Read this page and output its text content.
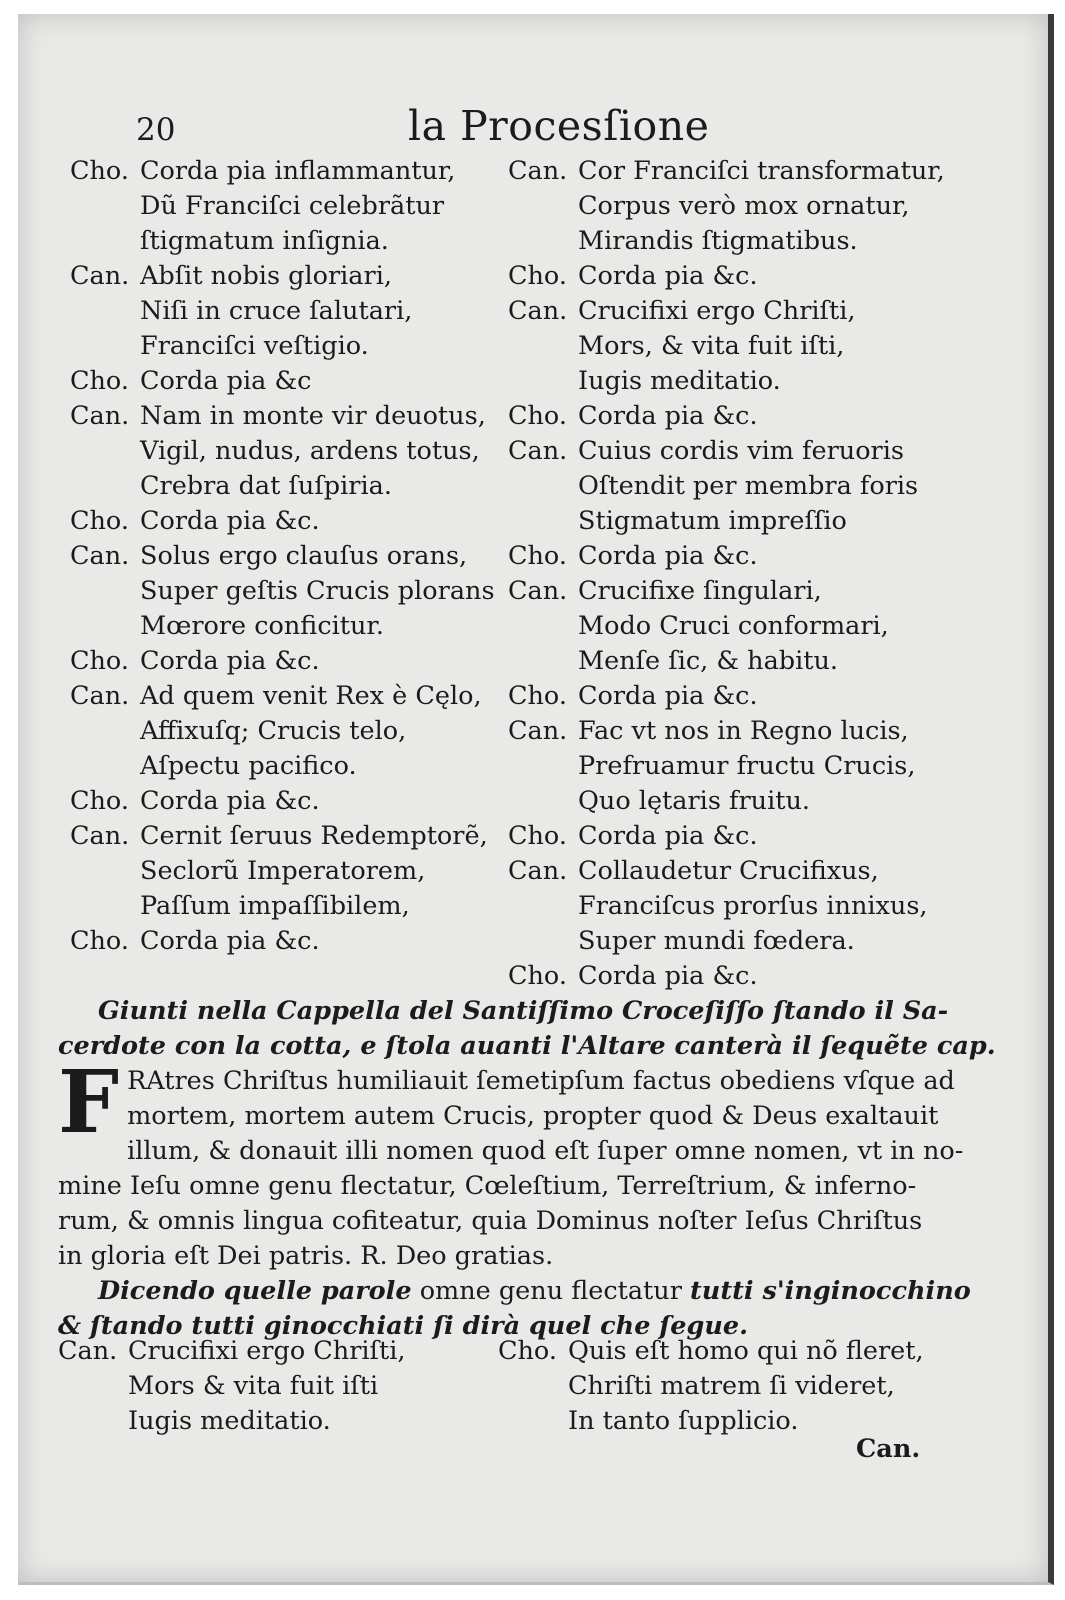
20	la Procesſione
Cho. Corda pia inflammantur,
Dũ Franciſci celebrãtur
ſtigmatum inſignia.
Can. Abſit nobis gloriari,
Niſi in cruce ſalutari,
Franciſci veſtigio.
Cho. Corda pia &c
Can. Nam in monte vir deuotus,
Vigil, nudus, ardens totus,
Crebra dat ſuſpiria.
Cho. Corda pia &c.
Can. Solus ergo clauſus orans,
Super geſtis Crucis plorans
Mœrore conficitur.
Cho. Corda pia &c.
Can. Ad quem venit Rex è Cęlo,
Affixuſq; Crucis telo,
Aſpectu pacifico.
Cho. Corda pia &c.
Can. Cernit ſeruus Redemptorẽ,
Seclorũ Imperatorem,
Paſſum impaſſibilem,
Cho. Corda pia &c.
Can. Cor Franciſci transformatur,
Corpus verò mox ornatur,
Mirandis ſtigmatibus.
Cho. Corda pia &c.
Can. Crucifixi ergo Chriſti,
Mors, & vita fuit iſti,
Iugis meditatio.
Cho. Corda pia &c.
Can. Cuius cordis vim feruoris
Oſtendit per membra foris
Stigmatum impreſſio
Cho. Corda pia &c.
Can. Crucifixe ſingulari,
Modo Cruci conformari,
Menſe ſic, & habitu.
Cho. Corda pia &c.
Can. Fac vt nos in Regno lucis,
Prefruamur fructu Crucis,
Quo lętaris fruitu.
Cho. Corda pia &c.
Can. Collaudetur Crucifixus,
Franciſcus prorſus innixus,
Super mundi fœdera.
Cho. Corda pia &c.
Giunti nella Cappella del Santiſſimo Croceſiſſo ſtando il Sa-
cerdote con la cotta, e ſtola auanti l'Altare canterà il ſequẽte cap.
F RAtres Chriſtus humiliauit ſemetipſum factus obediens vſque ad
mortem, mortem autem Crucis, propter quod & Deus exaltauit
illum, & donauit illi nomen quod eſt ſuper omne nomen, vt in no-
mine Ieſu omne genu flectatur, Cœleſtium, Terreſtrium, & inferno-
rum, & omnis lingua cofiteatur, quia Dominus noſter Ieſus Chriſtus
in gloria eſt Dei patris. R. Deo gratias.
Dicendo quelle parole omne genu flectatur tutti s'inginocchino
& ſtando tutti ginocchiati ſi dirà quel che ſegue.
Can. Crucifixi ergo Chriſti,
Mors & vita fuit iſti
Iugis meditatio.
Cho. Quis eſt homo qui nõ fleret,
Chriſti matrem ſi videret,
In tanto ſupplicio.
Can.
